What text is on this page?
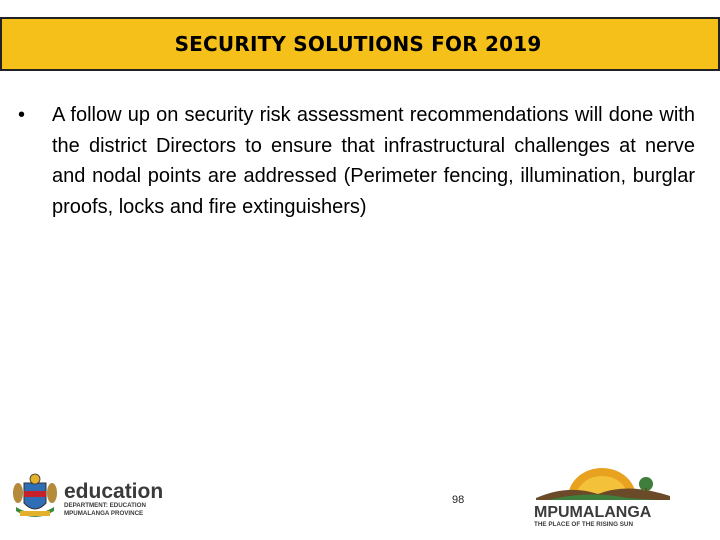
SECURITY SOLUTIONS FOR 2019
• A follow up on security risk assessment recommendations will done with the district Directors to ensure that infrastructural challenges at nerve and nodal points are addressed (Perimeter fencing, illumination, burglar proofs, locks and fire extinguishers)
98
education
DEPARTMENT: EDUCATION
MPUMALANGA PROVINCE	MPUMALANGA
THE PLACE OF THE RISING SUN
